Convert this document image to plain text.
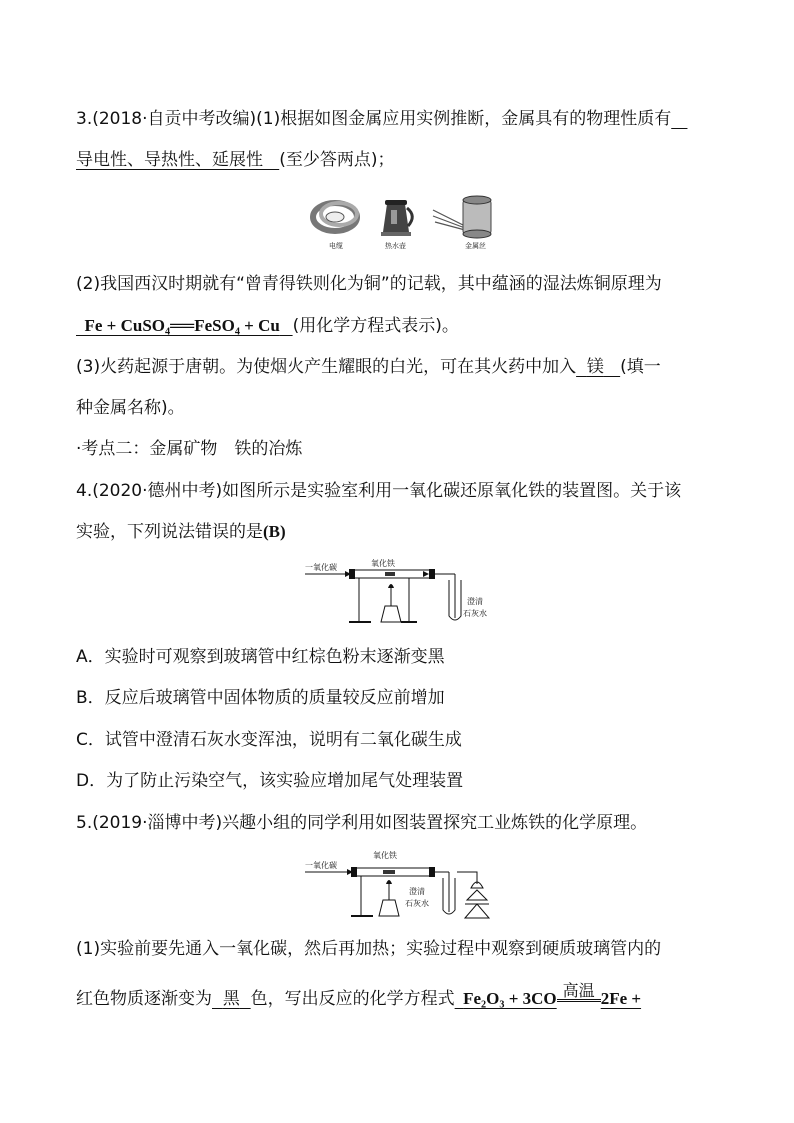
3.(2018·自贡中考改编)(1)根据如图金属应用实例推断，金属具有的物理性质有
导电性、导热性、延展性 (至少答两点)；
电缆	热水壶	金属丝
(2)我国西汉时期就有“曾青得铁则化为铜”的记载，其中蕴涵的湿法炼铜原理为
Fe + CuSO₄══FeSO₄ + Cu (用化学方程式表示)。
(3)火药起源于唐朝。为使烟火产生耀眼的白光，可在其火药中加入 镁 (填一
种金属名称)。
·考点二：金属矿物　铁的冶炼
4.(2020·德州中考)如图所示是实验室利用一氧化碳还原氧化铁的装置图。关于该
实验，下列说法错误的是(B)
一氧化碳	氧化铁
澄清
石灰水
A．实验时可观察到玻璃管中红棕色粉末逐渐变黑
B．反应后玻璃管中固体物质的质量较反应前增加
C．试管中澄清石灰水变浑浊，说明有二氧化碳生成
D．为了防止污染空气，该实验应增加尾气处理装置
5.(2019·淄博中考)兴趣小组的同学利用如图装置探究工业炼铁的化学原理。
一氧化碳
氧化铁
澄清
石灰水
(1)实验前要先通入一氧化碳，然后再加热；实验过程中观察到硬质玻璃管内的
红色物质逐渐变为 黑 色，写出反应的化学方程式 Fe₂O₃ + 3CO 高温 2Fe +
